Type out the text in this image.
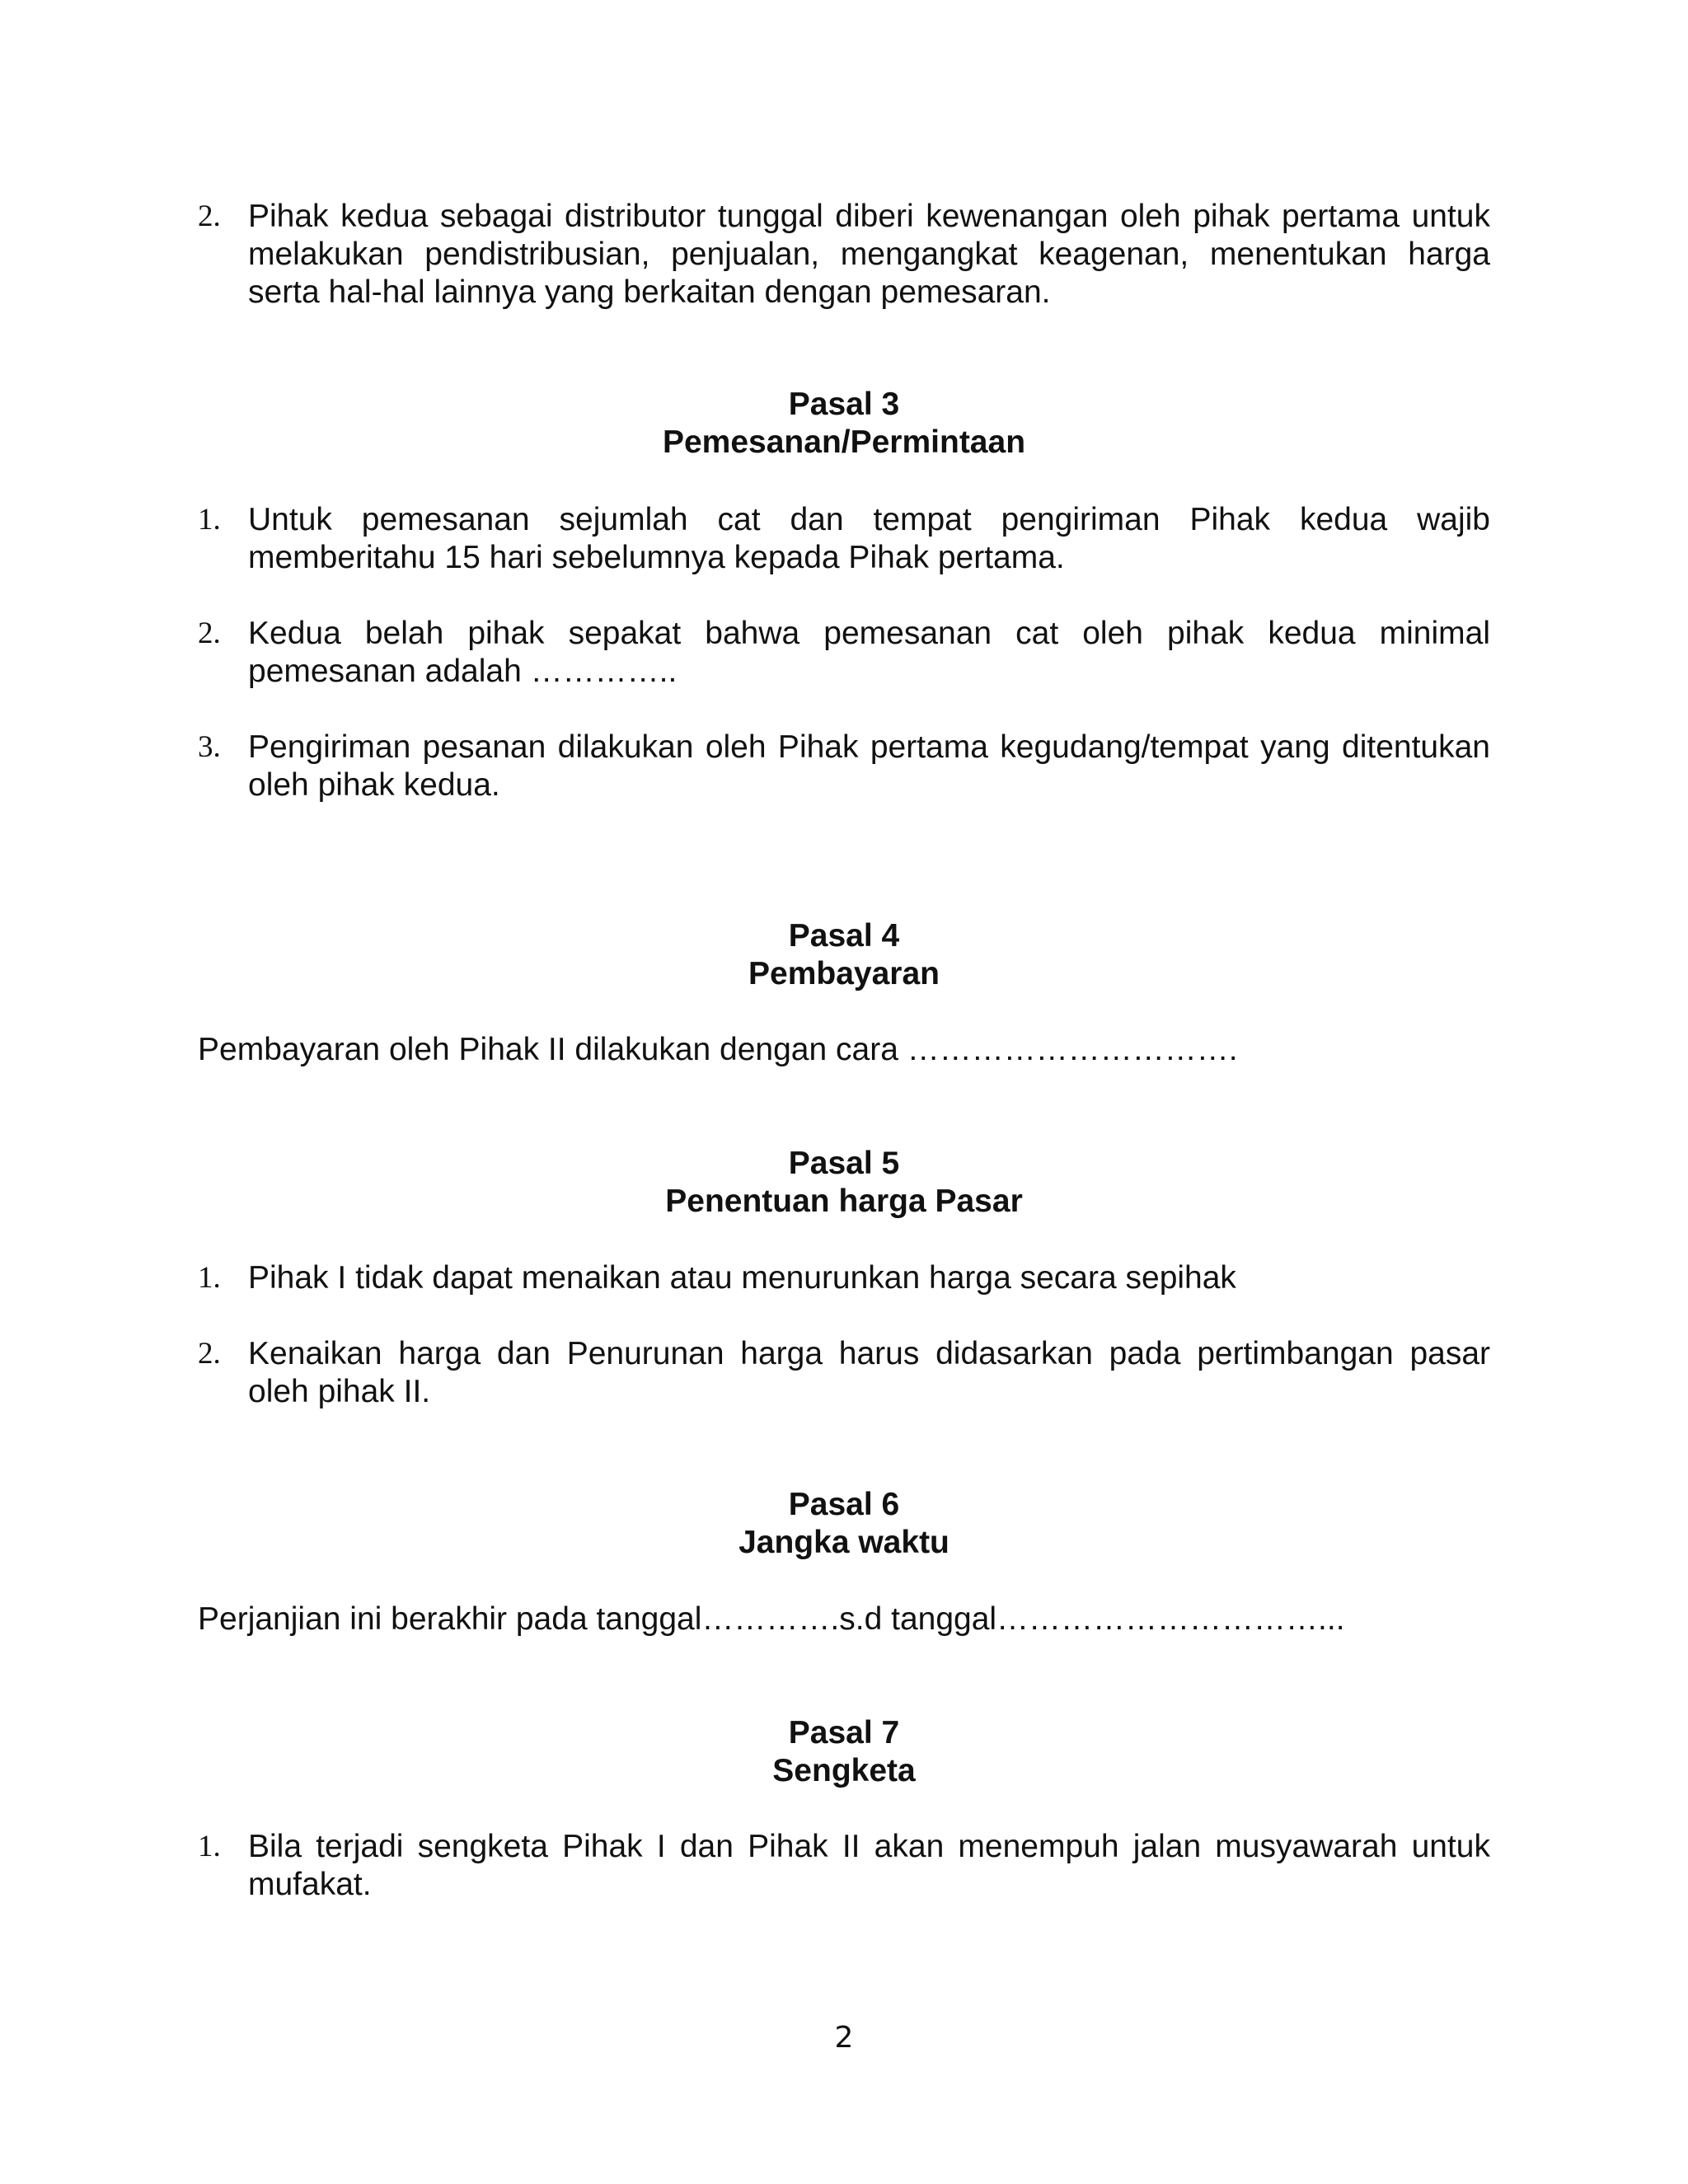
2. Pihak kedua sebagai distributor tunggal diberi kewenangan oleh pihak pertama untuk melakukan pendistribusian, penjualan, mengangkat keagenan, menentukan harga serta hal-hal lainnya yang berkaitan dengan pemesaran.
Pasal 3
Pemesanan/Permintaan
1. Untuk pemesanan sejumlah cat dan tempat pengiriman Pihak kedua wajib memberitahu 15 hari sebelumnya kepada Pihak pertama.
2. Kedua belah pihak sepakat bahwa pemesanan cat oleh pihak kedua minimal pemesanan adalah …………..
3. Pengiriman pesanan dilakukan oleh Pihak pertama kegudang/tempat yang ditentukan oleh pihak kedua.
Pasal 4
Pembayaran
Pembayaran oleh Pihak II dilakukan dengan cara ………………………….
Pasal 5
Penentuan harga Pasar
1. Pihak I tidak dapat menaikan atau menurunkan harga secara sepihak
2. Kenaikan harga dan Penurunan harga harus didasarkan pada pertimbangan pasar oleh pihak II.
Pasal 6
Jangka waktu
Perjanjian ini berakhir pada tanggal………….s.d tanggal…………………………...
Pasal 7
Sengketa
1. Bila terjadi sengketa Pihak I dan Pihak II akan menempuh jalan musyawarah untuk mufakat.
2
